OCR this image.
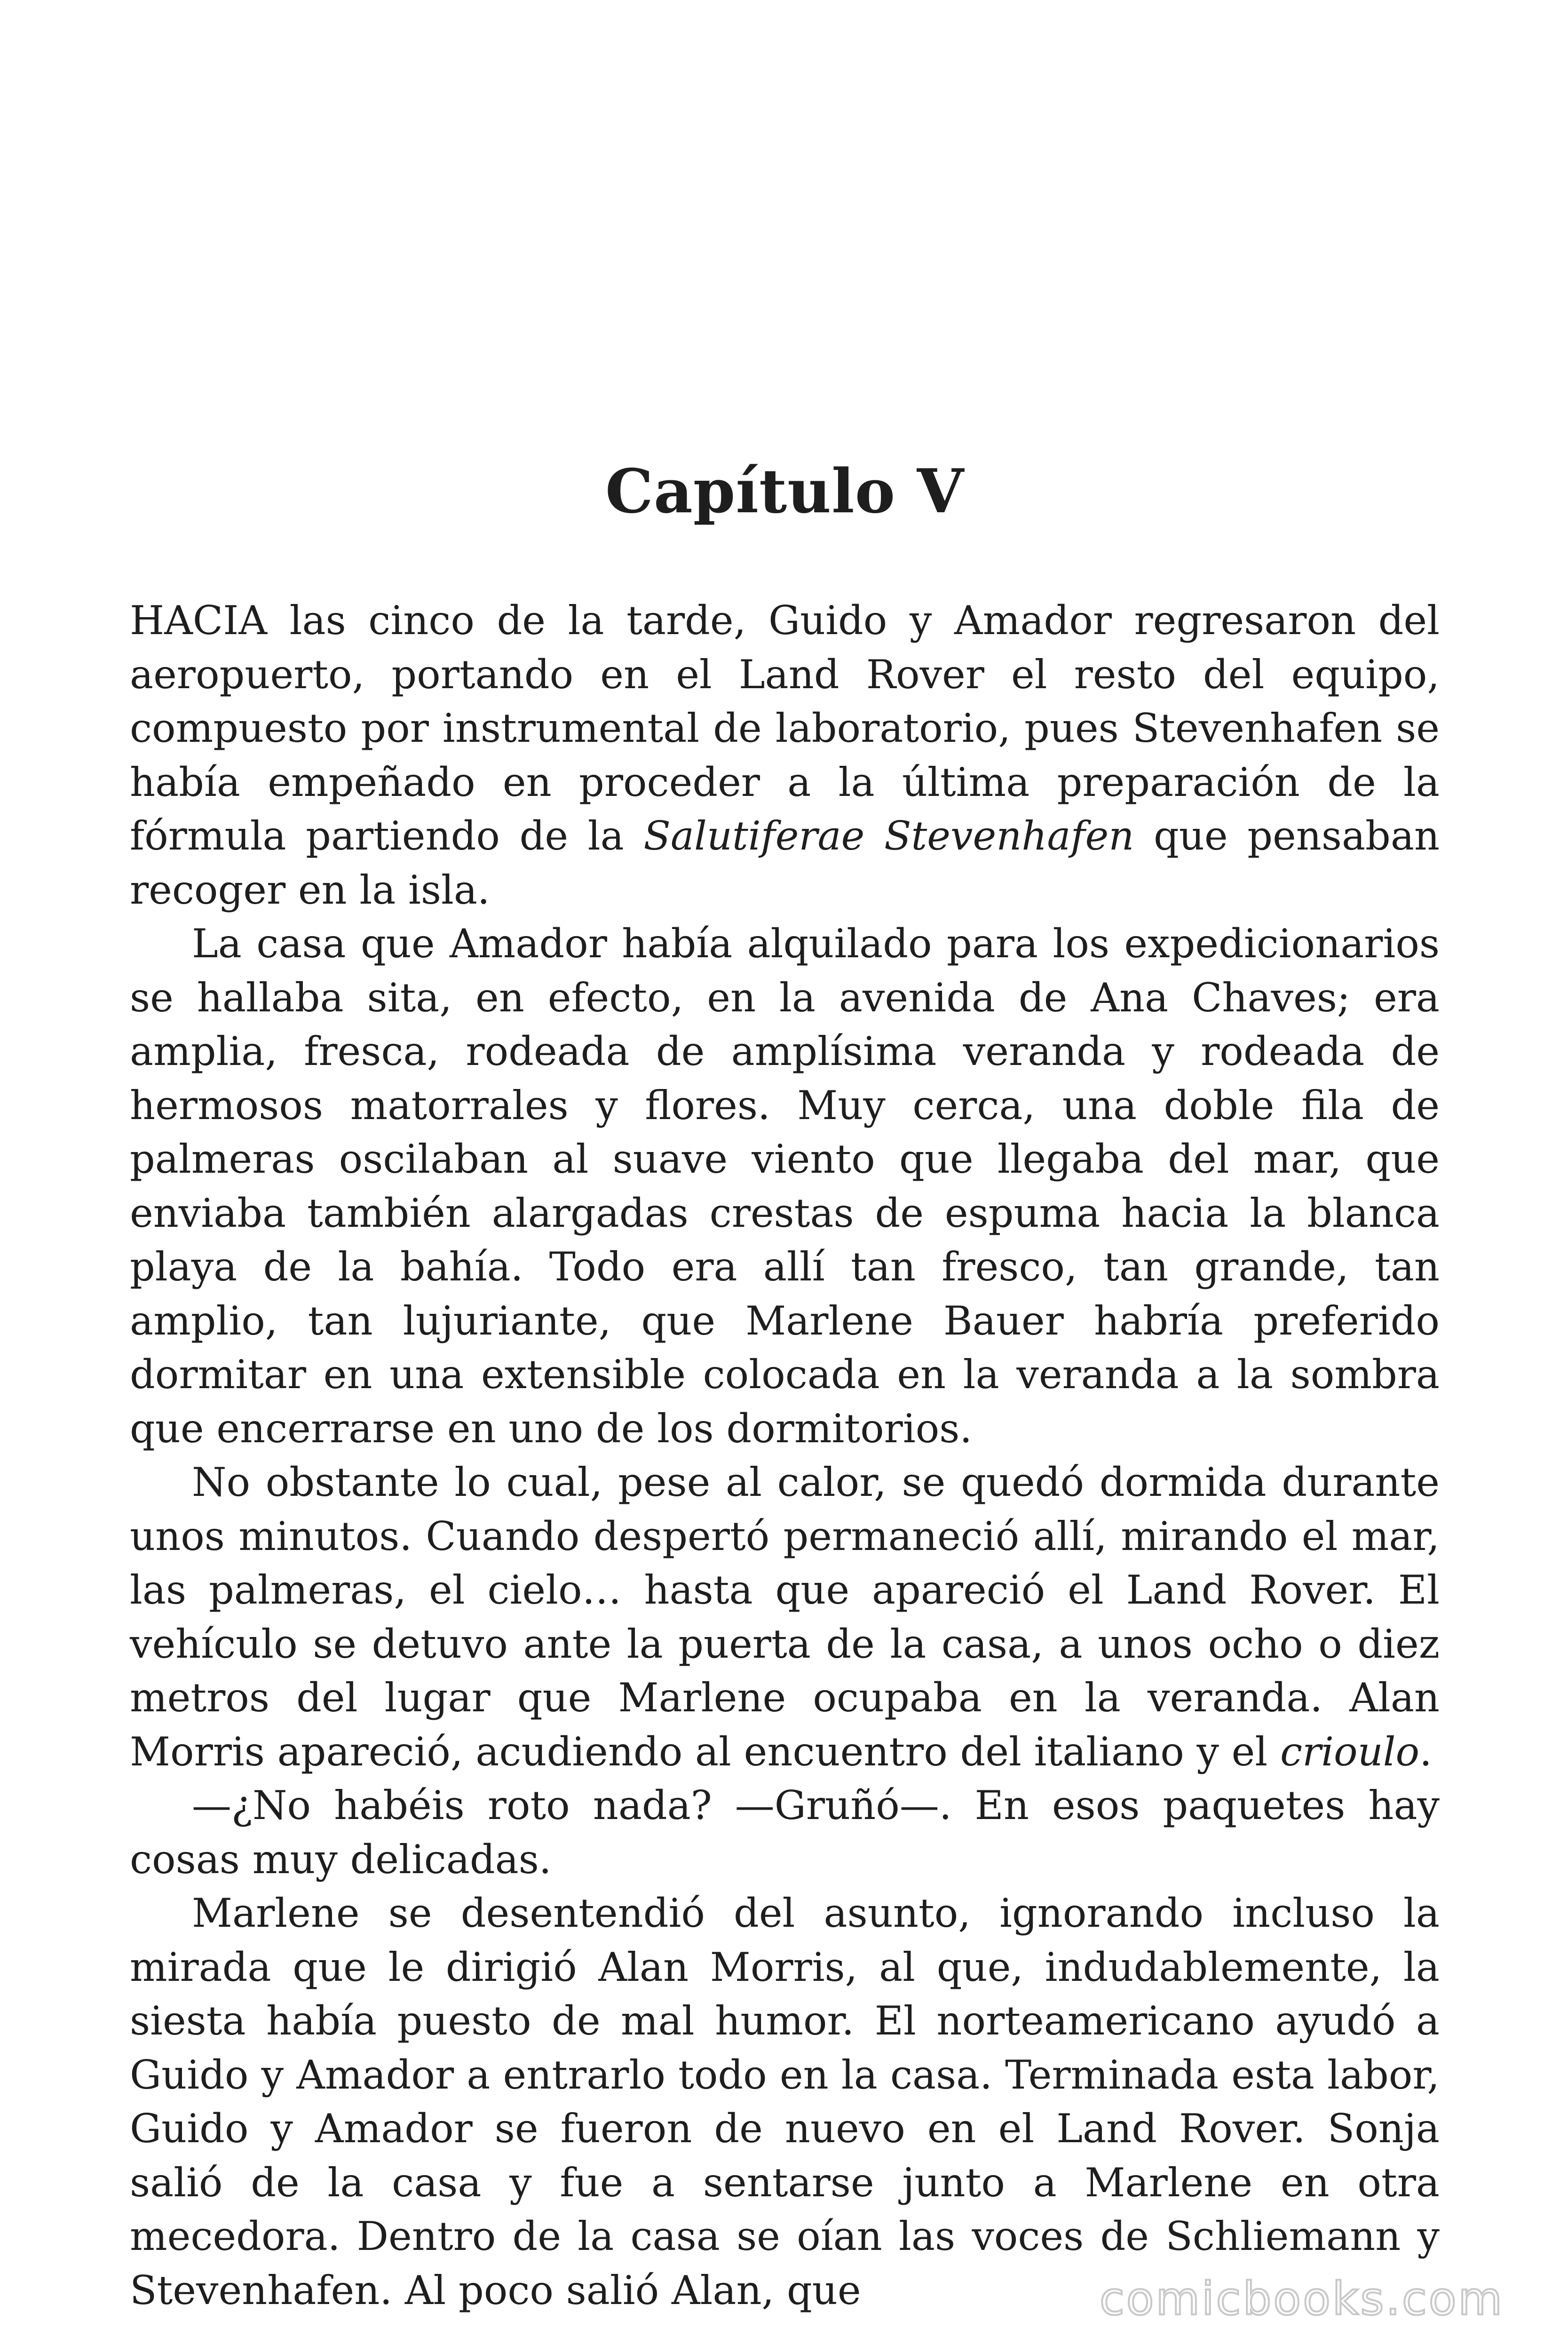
Capítulo V

HACIA las cinco de la tarde, Guido y Amador regresaron del aeropuerto, portando en el Land Rover el resto del equipo, compuesto por instrumental de laboratorio, pues Stevenhafen se había empeñado en proceder a la última preparación de la fórmula partiendo de la Salutiferae Stevenhafen que pensaban recoger en la isla.

La casa que Amador había alquilado para los expedicionarios se hallaba sita, en efecto, en la avenida de Ana Chaves; era amplia, fresca, rodeada de amplísima veranda y rodeada de hermosos matorrales y flores. Muy cerca, una doble fila de palmeras oscilaban al suave viento que llegaba del mar, que enviaba también alargadas crestas de espuma hacia la blanca playa de la bahía. Todo era allí tan fresco, tan grande, tan amplio, tan lujuriante, que Marlene Bauer habría preferido dormitar en una extensible colocada en la veranda a la sombra que encerrarse en uno de los dormitorios.

No obstante lo cual, pese al calor, se quedó dormida durante unos minutos. Cuando despertó permaneció allí, mirando el mar, las palmeras, el cielo… hasta que apareció el Land Rover. El vehículo se detuvo ante la puerta de la casa, a unos ocho o diez metros del lugar que Marlene ocupaba en la veranda. Alan Morris apareció, acudiendo al encuentro del italiano y el crioulo.

—¿No habéis roto nada? —Gruñó—. En esos paquetes hay cosas muy delicadas.

Marlene se desentendió del asunto, ignorando incluso la mirada que le dirigió Alan Morris, al que, indudablemente, la siesta había puesto de mal humor. El norteamericano ayudó a Guido y Amador a entrarlo todo en la casa. Terminada esta labor, Guido y Amador se fueron de nuevo en el Land Rover. Sonja salió de la casa y fue a sentarse junto a Marlene en otra mecedora. Dentro de la casa se oían las voces de Schliemann y Stevenhafen. Al poco salió Alan, que	comicbooks.com
